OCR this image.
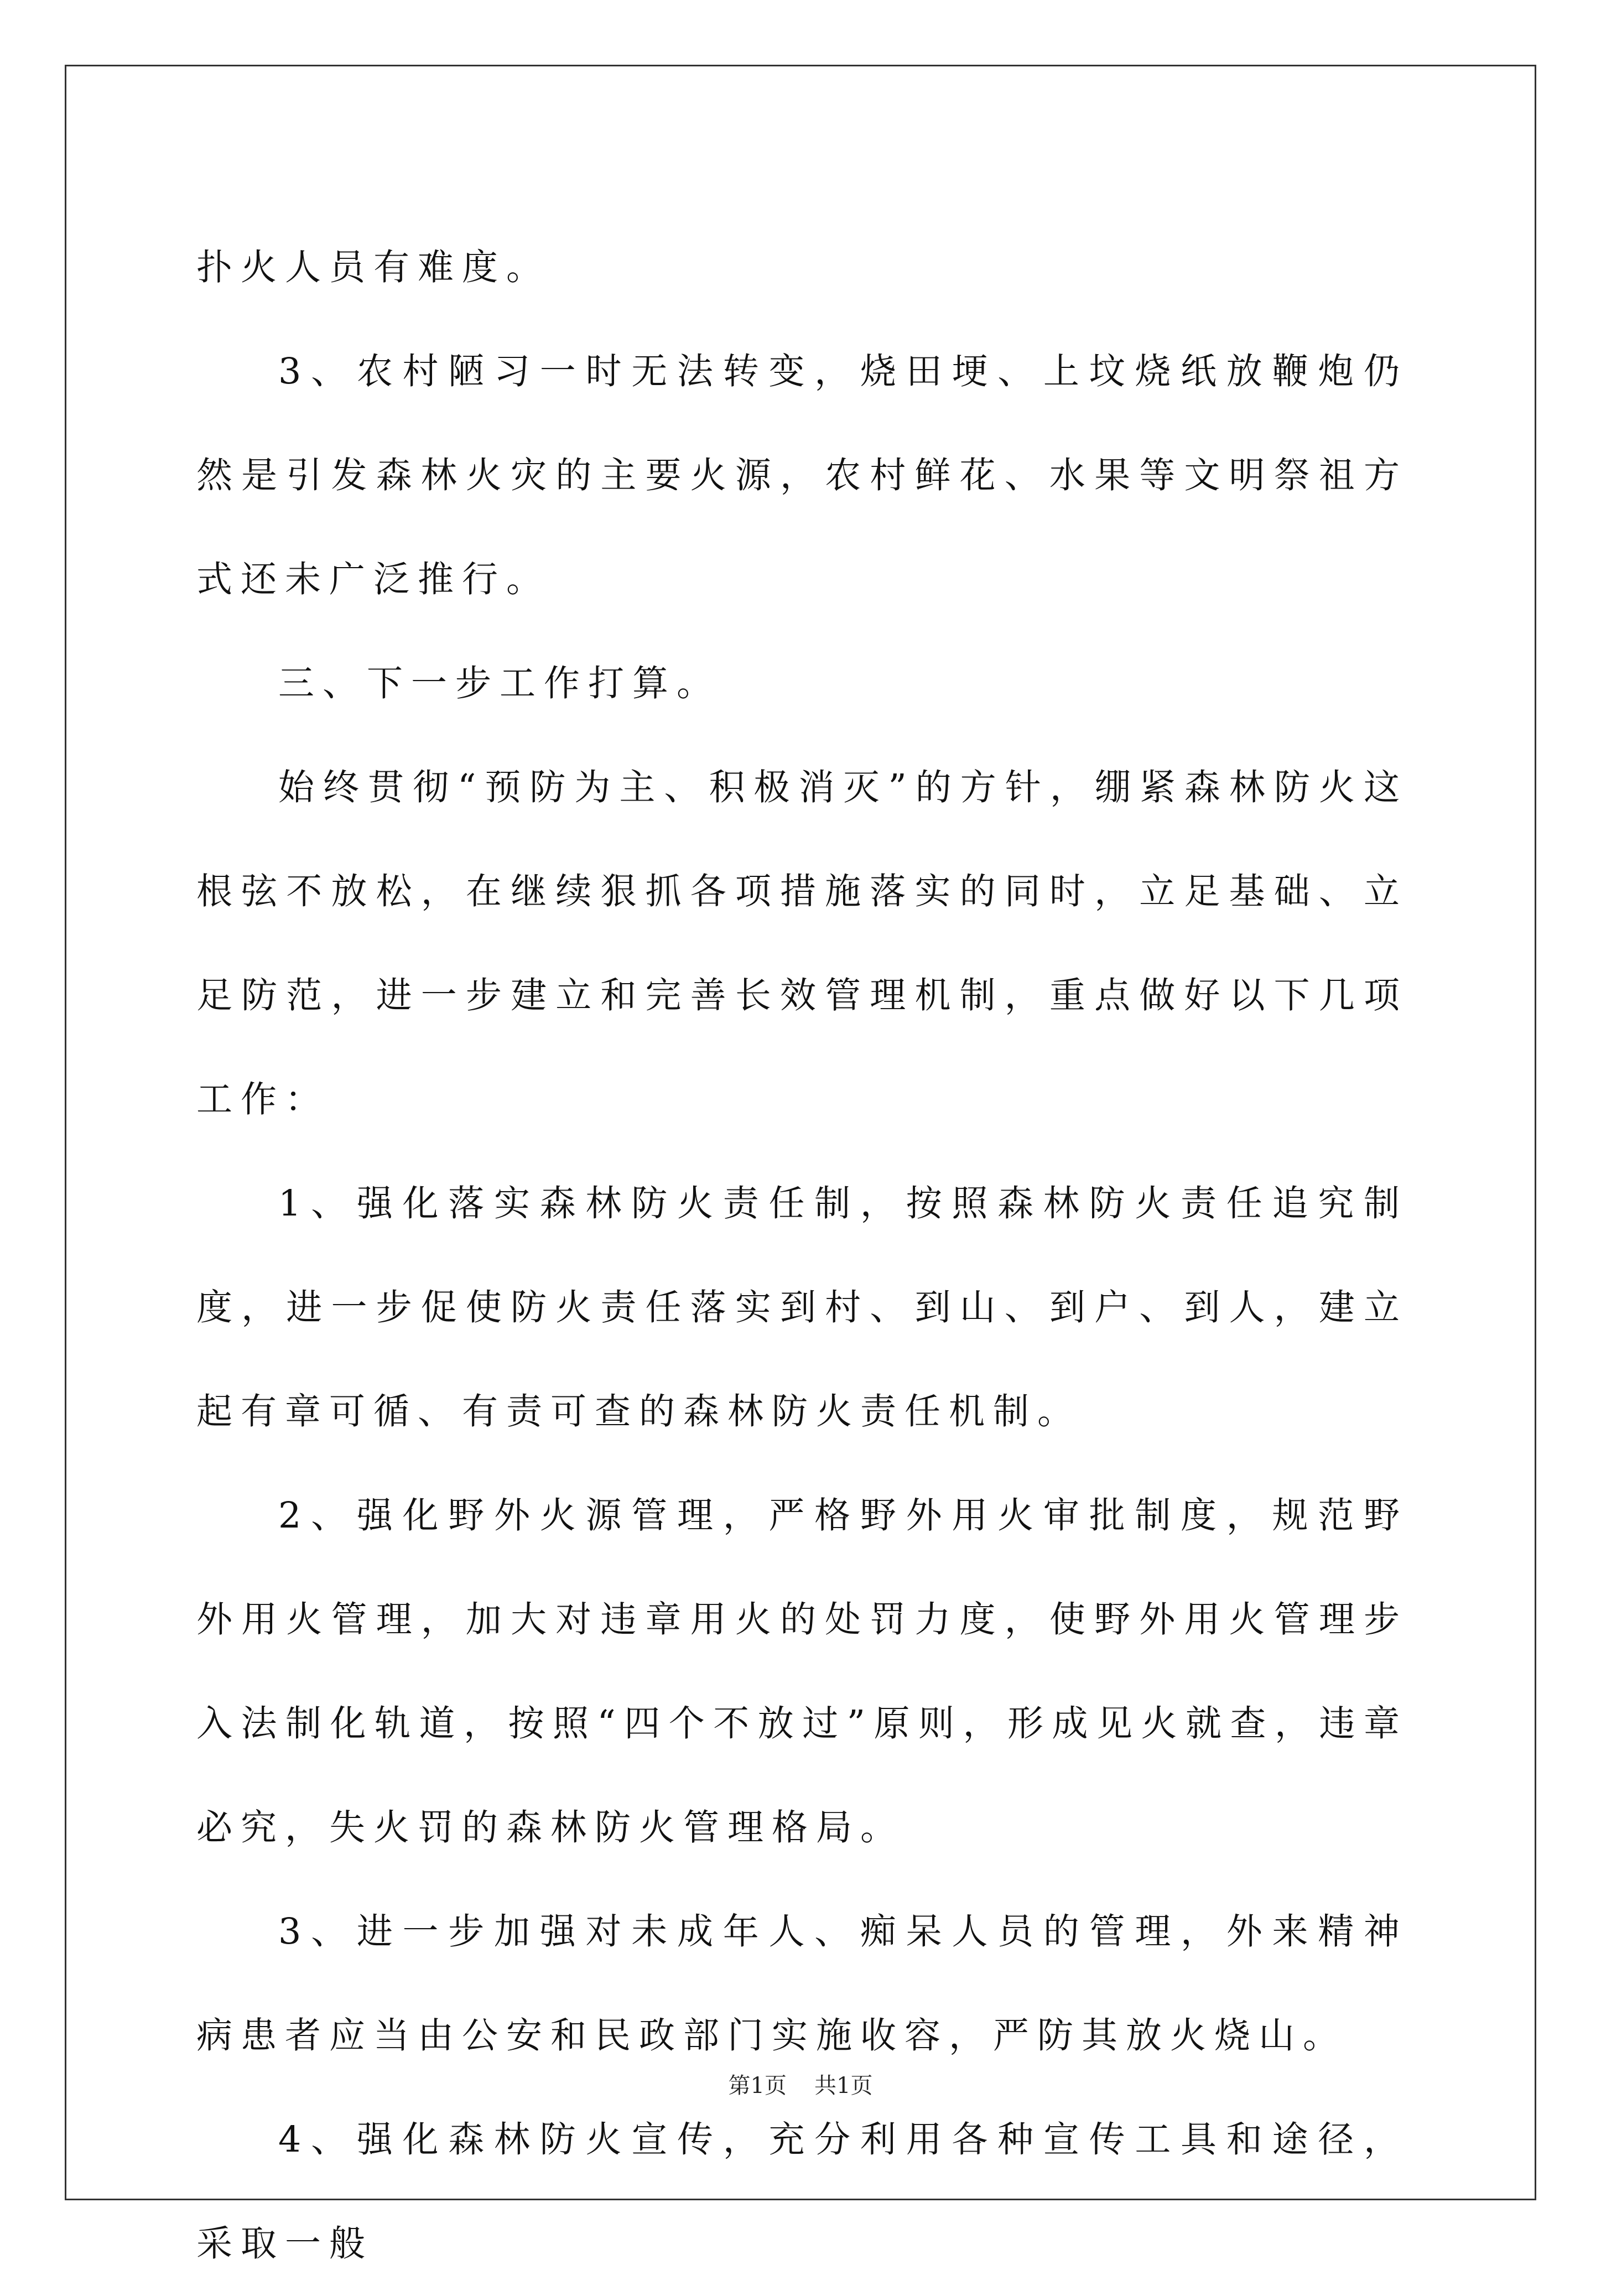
扑火人员有难度。

3、农村陋习一时无法转变，烧田埂、上坟烧纸放鞭炮仍然是引发森林火灾的主要火源，农村鲜花、水果等文明祭祖方式还未广泛推行。

三、下一步工作打算。

始终贯彻“预防为主、积极消灭”的方针，绷紧森林防火这根弦不放松，在继续狠抓各项措施落实的同时，立足基础、立足防范，进一步建立和完善长效管理机制，重点做好以下几项工作：

1、强化落实森林防火责任制，按照森林防火责任追究制度，进一步促使防火责任落实到村、到山、到户、到人，建立起有章可循、有责可查的森林防火责任机制。

2、强化野外火源管理，严格野外用火审批制度，规范野外用火管理，加大对违章用火的处罚力度，使野外用火管理步入法制化轨道，按照“四个不放过”原则，形成见火就查，违章必究，失火罚的森林防火管理格局。

3、进一步加强对未成年人、痴呆人员的管理，外来精神病患者应当由公安和民政部门实施收容，严防其放火烧山。

4、强化森林防火宣传，充分利用各种宣传工具和途径，采取一般

第1页 共1页
